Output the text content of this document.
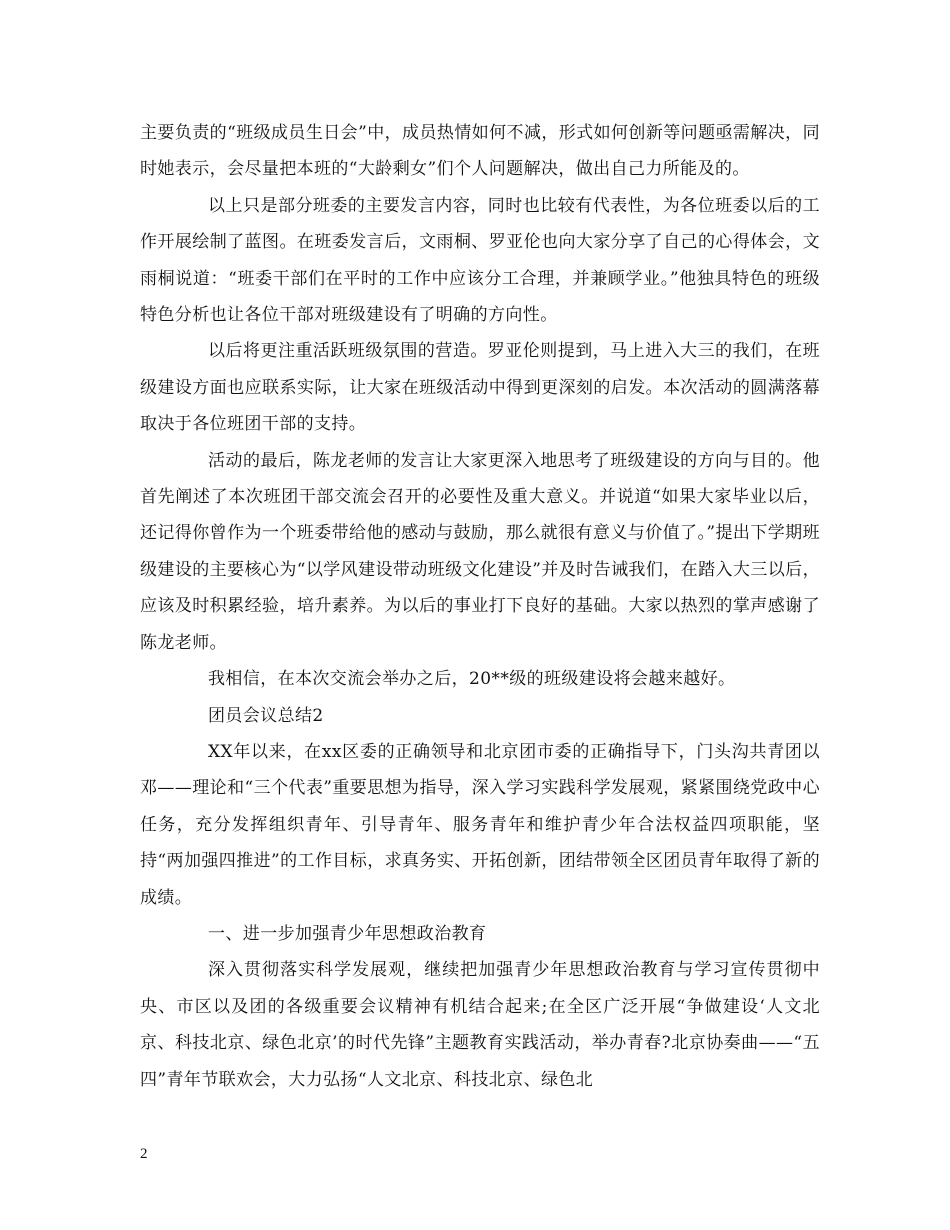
主要负责的“班级成员生日会”中，成员热情如何不减，形式如何创新等问题亟需解决，同时她表示，会尽量把本班的“大龄剩女”们个人问题解决，做出自己力所能及的。

以上只是部分班委的主要发言内容，同时也比较有代表性，为各位班委以后的工作开展绘制了蓝图。在班委发言后，文雨桐、罗亚伦也向大家分享了自己的心得体会，文雨桐说道：“班委干部们在平时的工作中应该分工合理，并兼顾学业。”他独具特色的班级特色分析也让各位干部对班级建设有了明确的方向性。

以后将更注重活跃班级氛围的营造。罗亚伦则提到，马上进入大三的我们，在班级建设方面也应联系实际，让大家在班级活动中得到更深刻的启发。本次活动的圆满落幕取决于各位班团干部的支持。

活动的最后，陈龙老师的发言让大家更深入地思考了班级建设的方向与目的。他首先阐述了本次班团干部交流会召开的必要性及重大意义。并说道“如果大家毕业以后，还记得你曾作为一个班委带给他的感动与鼓励，那么就很有意义与价值了。”提出下学期班级建设的主要核心为“以学风建设带动班级文化建设”并及时告诫我们，在踏入大三以后，应该及时积累经验，培升素养。为以后的事业打下良好的基础。大家以热烈的掌声感谢了陈龙老师。

我相信，在本次交流会举办之后，20**级的班级建设将会越来越好。

团员会议总结2

XX年以来，在xx区委的正确领导和北京团市委的正确指导下，门头沟共青团以邓——理论和“三个代表”重要思想为指导，深入学习实践科学发展观，紧紧围绕党政中心任务，充分发挥组织青年、引导青年、服务青年和维护青少年合法权益四项职能，坚持“两加强四推进”的工作目标，求真务实、开拓创新，团结带领全区团员青年取得了新的成绩。

一、进一步加强青少年思想政治教育

深入贯彻落实科学发展观，继续把加强青少年思想政治教育与学习宣传贯彻中央、市区以及团的各级重要会议精神有机结合起来;在全区广泛开展“争做建设‘人文北京、科技北京、绿色北京’的时代先锋”主题教育实践活动，举办青春?北京协奏曲——“五四”青年节联欢会，大力弘扬“人文北京、科技北京、绿色北

2
